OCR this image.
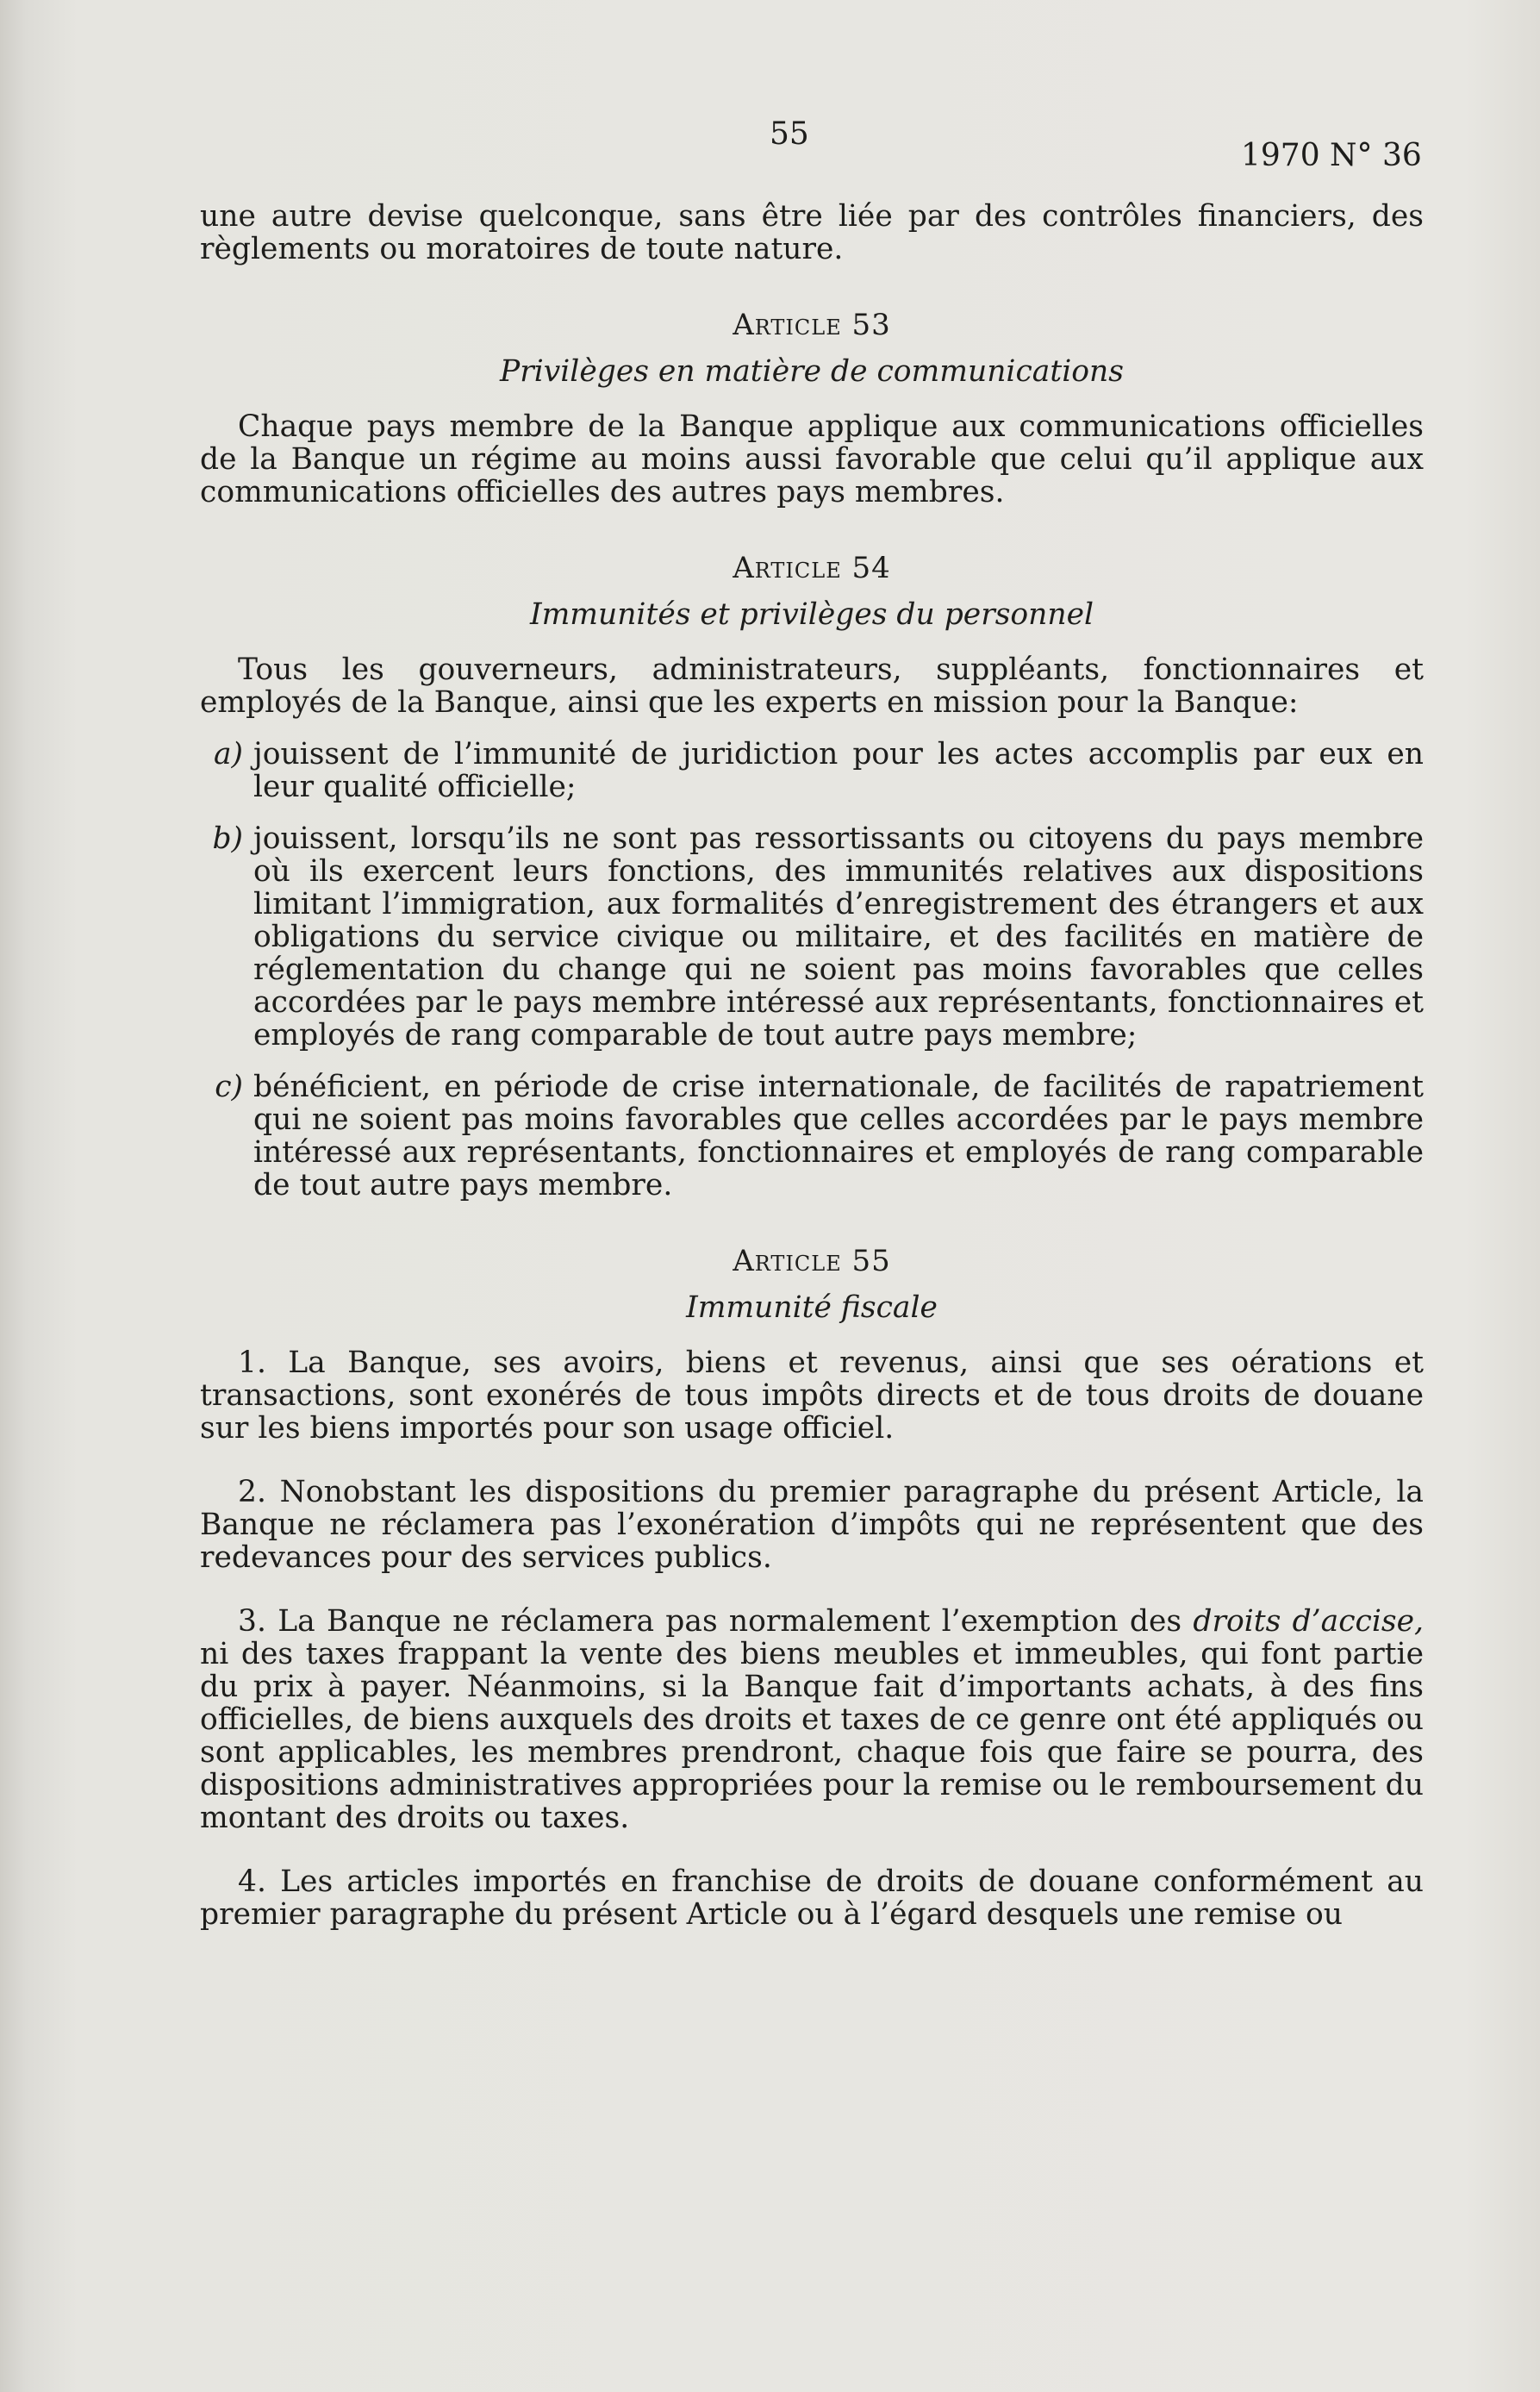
55
1970 N° 36

une autre devise quelconque, sans être liée par des contrôles financiers, des règlements ou moratoires de toute nature.

Article 53
Privilèges en matière de communications

Chaque pays membre de la Banque applique aux communications officielles de la Banque un régime au moins aussi favorable que celui qu’il applique aux communications officielles des autres pays membres.

Article 54
Immunités et privilèges du personnel

Tous les gouverneurs, administrateurs, suppléants, fonctionnaires et employés de la Banque, ainsi que les experts en mission pour la Banque:

a) jouissent de l’immunité de juridiction pour les actes accomplis par eux en leur qualité officielle;
b) jouissent, lorsqu’ils ne sont pas ressortissants ou citoyens du pays membre où ils exercent leurs fonctions, des immunités relatives aux dispositions limitant l’immigration, aux formalités d’enregistrement des étrangers et aux obligations du service civique ou militaire, et des facilités en matière de réglementation du change qui ne soient pas moins favorables que celles accordées par le pays membre intéressé aux représentants, fonctionnaires et employés de rang comparable de tout autre pays membre;
c) bénéficient, en période de crise internationale, de facilités de rapatriement qui ne soient pas moins favorables que celles accordées par le pays membre intéressé aux représentants, fonctionnaires et employés de rang comparable de tout autre pays membre.
Article 55
Immunité fiscale

1. La Banque, ses avoirs, biens et revenus, ainsi que ses oérations et transactions, sont exonérés de tous impôts directs et de tous droits de douane sur les biens importés pour son usage officiel.

2. Nonobstant les dispositions du premier paragraphe du présent Article, la Banque ne réclamera pas l’exonération d’impôts qui ne représentent que des redevances pour des services publics.

3. La Banque ne réclamera pas normalement l’exemption des droits d’accise, ni des taxes frappant la vente des biens meubles et immeubles, qui font partie du prix à payer. Néanmoins, si la Banque fait d’importants achats, à des fins officielles, de biens auxquels des droits et taxes de ce genre ont été appliqués ou sont applicables, les membres prendront, chaque fois que faire se pourra, des dispositions administratives appropriées pour la remise ou le remboursement du montant des droits ou taxes.

4. Les articles importés en franchise de droits de douane conformément au premier paragraphe du présent Article ou à l’égard desquels une remise ou
